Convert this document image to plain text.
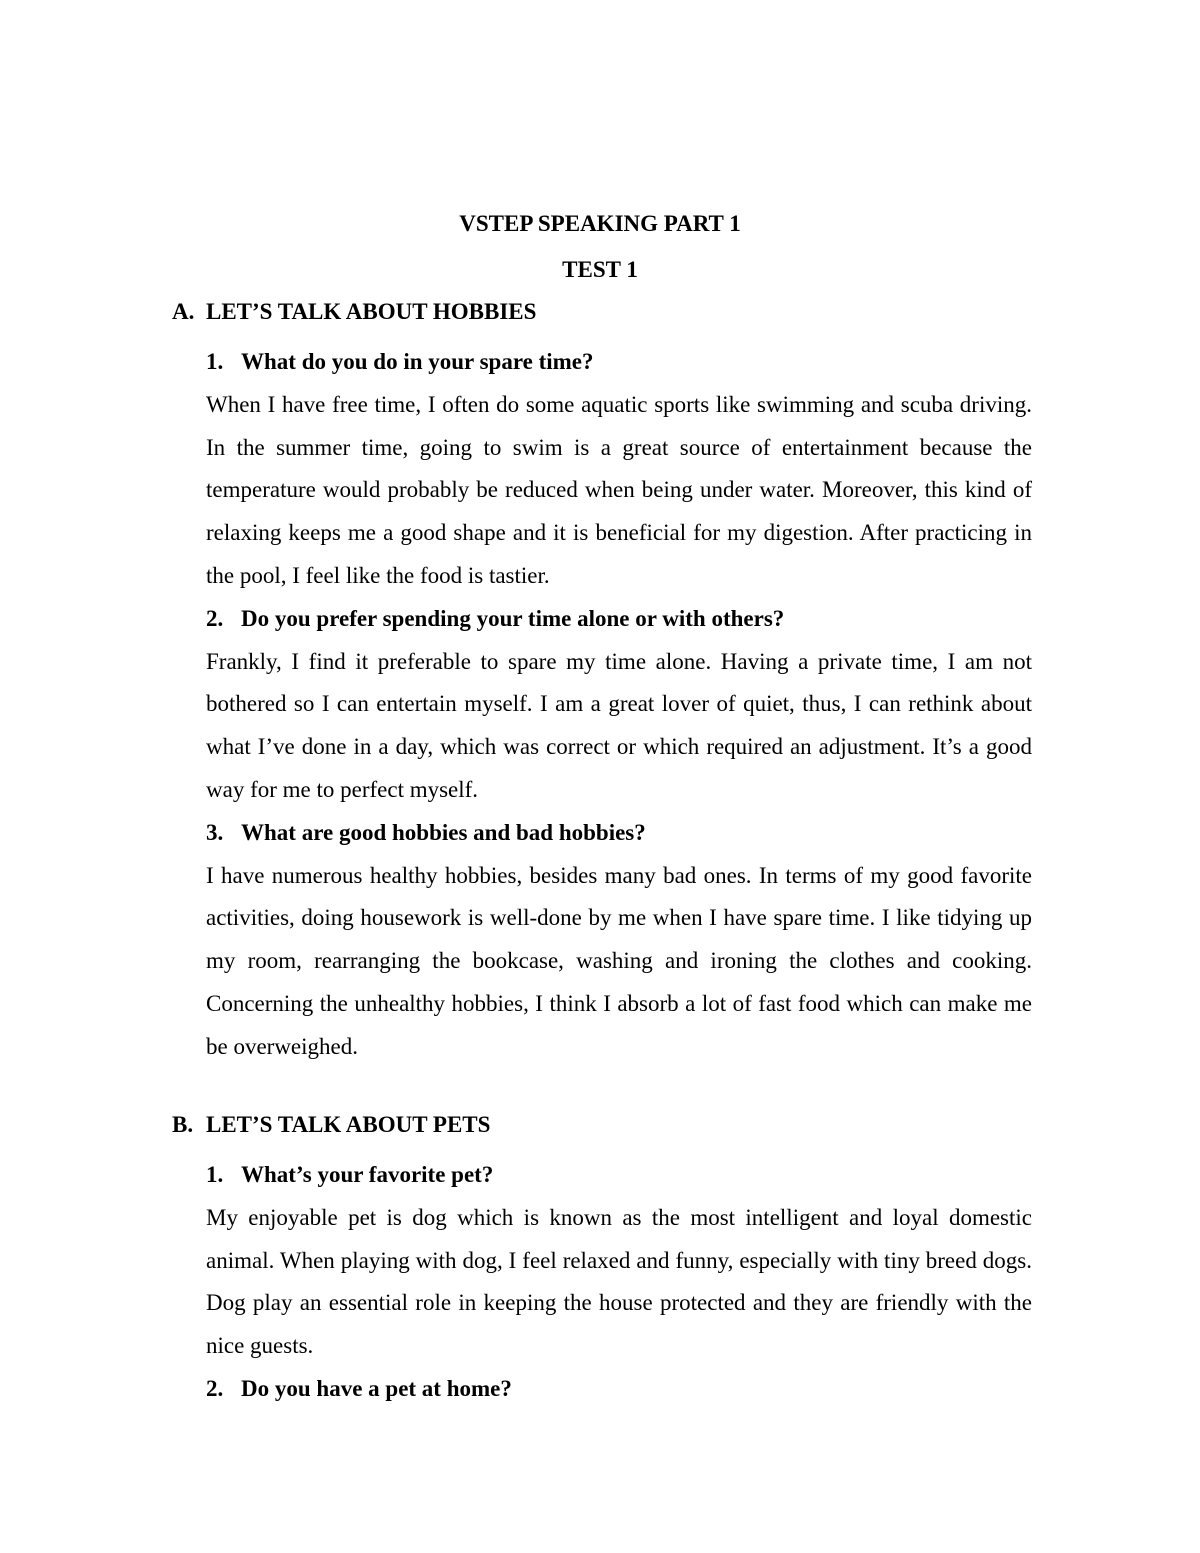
VSTEP SPEAKING PART 1
TEST 1
A. LET’S TALK ABOUT HOBBIES
1. What do you do in your spare time?

When I have free time, I often do some aquatic sports like swimming and scuba driving. In the summer time, going to swim is a great source of entertainment because the temperature would probably be reduced when being under water. Moreover, this kind of relaxing keeps me a good shape and it is beneficial for my digestion. After practicing in the pool, I feel like the food is tastier.

2. Do you prefer spending your time alone or with others?

Frankly, I find it preferable to spare my time alone. Having a private time, I am not bothered so I can entertain myself. I am a great lover of quiet, thus, I can rethink about what I’ve done in a day, which was correct or which required an adjustment. It’s a good way for me to perfect myself.

3. What are good hobbies and bad hobbies?

I have numerous healthy hobbies, besides many bad ones. In terms of my good favorite activities, doing housework is well-done by me when I have spare time. I like tidying up my room, rearranging the bookcase, washing and ironing the clothes and cooking. Concerning the unhealthy hobbies, I think I absorb a lot of fast food which can make me be overweighed.

B. LET’S TALK ABOUT PETS
1. What’s your favorite pet?

My enjoyable pet is dog which is known as the most intelligent and loyal domestic animal. When playing with dog, I feel relaxed and funny, especially with tiny breed dogs. Dog play an essential role in keeping the house protected and they are friendly with the nice guests.

2. Do you have a pet at home?
